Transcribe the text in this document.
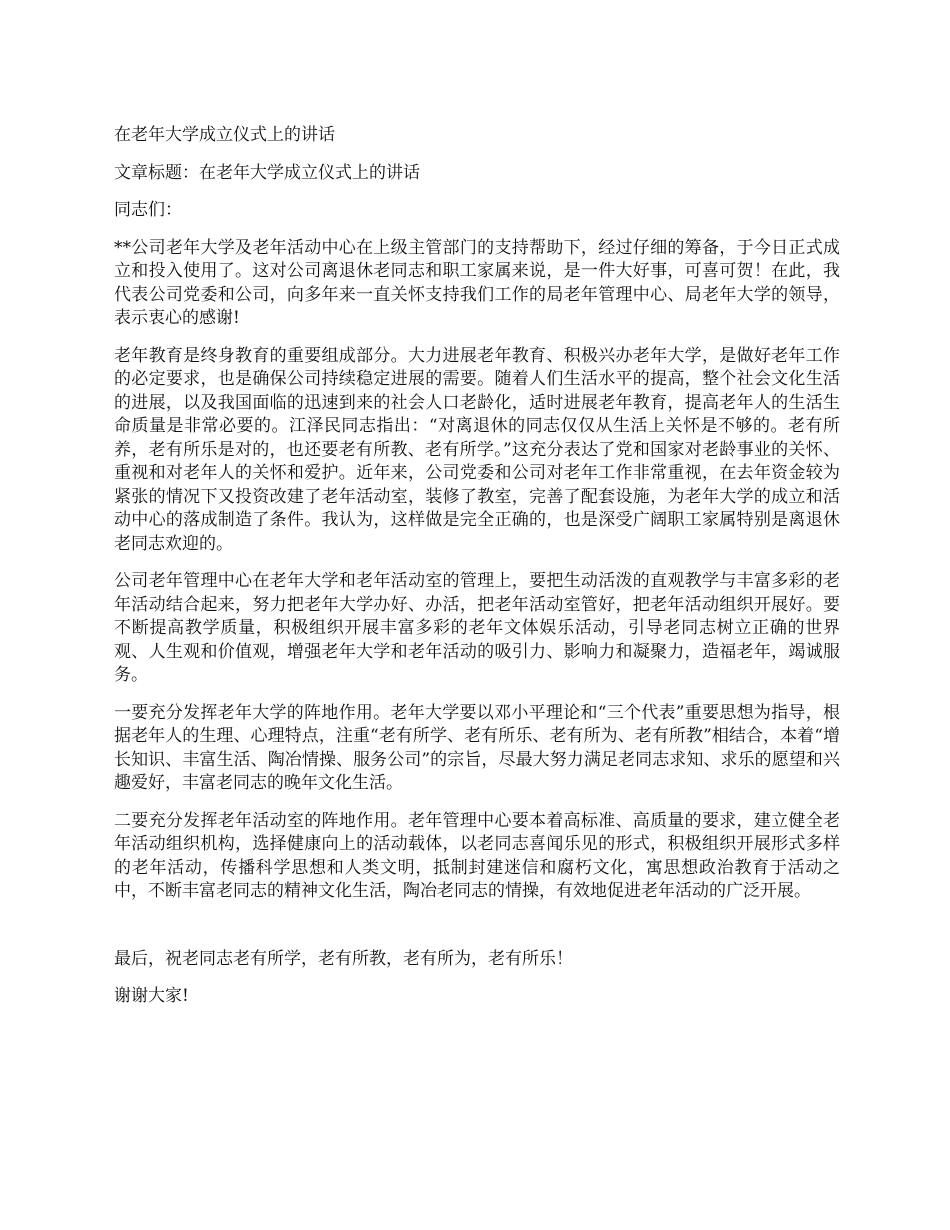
在老年大学成立仪式上的讲话

文章标题：在老年大学成立仪式上的讲话

同志们：

**公司老年大学及老年活动中心在上级主管部门的支持帮助下，经过仔细的筹备，于今日正式成立和投入使用了。这对公司离退休老同志和职工家属来说，是一件大好事，可喜可贺！在此，我代表公司党委和公司，向多年来一直关怀支持我们工作的局老年管理中心、局老年大学的领导，表示衷心的感谢!

老年教育是终身教育的重要组成部分。大力进展老年教育、积极兴办老年大学，是做好老年工作的必定要求，也是确保公司持续稳定进展的需要。随着人们生活水平的提高，整个社会文化生活的进展，以及我国面临的迅速到来的社会人口老龄化，适时进展老年教育，提高老年人的生活生命质量是非常必要的。江泽民同志指出：“对离退休的同志仅仅从生活上关怀是不够的。老有所养，老有所乐是对的，也还要老有所教、老有所学。”这充分表达了党和国家对老龄事业的关怀、重视和对老年人的关怀和爱护。近年来，公司党委和公司对老年工作非常重视，在去年资金较为紧张的情况下又投资改建了老年活动室，装修了教室，完善了配套设施，为老年大学的成立和活动中心的落成制造了条件。我认为，这样做是完全正确的，也是深受广阔职工家属特别是离退休老同志欢迎的。

公司老年管理中心在老年大学和老年活动室的管理上，要把生动活泼的直观教学与丰富多彩的老年活动结合起来，努力把老年大学办好、办活，把老年活动室管好，把老年活动组织开展好。要不断提高教学质量，积极组织开展丰富多彩的老年文体娱乐活动，引导老同志树立正确的世界观、人生观和价值观，增强老年大学和老年活动的吸引力、影响力和凝聚力，造福老年，竭诚服务。

一要充分发挥老年大学的阵地作用。老年大学要以邓小平理论和“三个代表”重要思想为指导，根据老年人的生理、心理特点，注重“老有所学、老有所乐、老有所为、老有所教”相结合，本着“增长知识、丰富生活、陶冶情操、服务公司”的宗旨，尽最大努力满足老同志求知、求乐的愿望和兴趣爱好，丰富老同志的晚年文化生活。

二要充分发挥老年活动室的阵地作用。老年管理中心要本着高标准、高质量的要求，建立健全老年活动组织机构，选择健康向上的活动载体，以老同志喜闻乐见的形式，积极组织开展形式多样的老年活动，传播科学思想和人类文明，抵制封建迷信和腐朽文化，寓思想政治教育于活动之中，不断丰富老同志的精神文化生活，陶冶老同志的情操，有效地促进老年活动的广泛开展。

最后，祝老同志老有所学，老有所教，老有所为，老有所乐！

谢谢大家!
